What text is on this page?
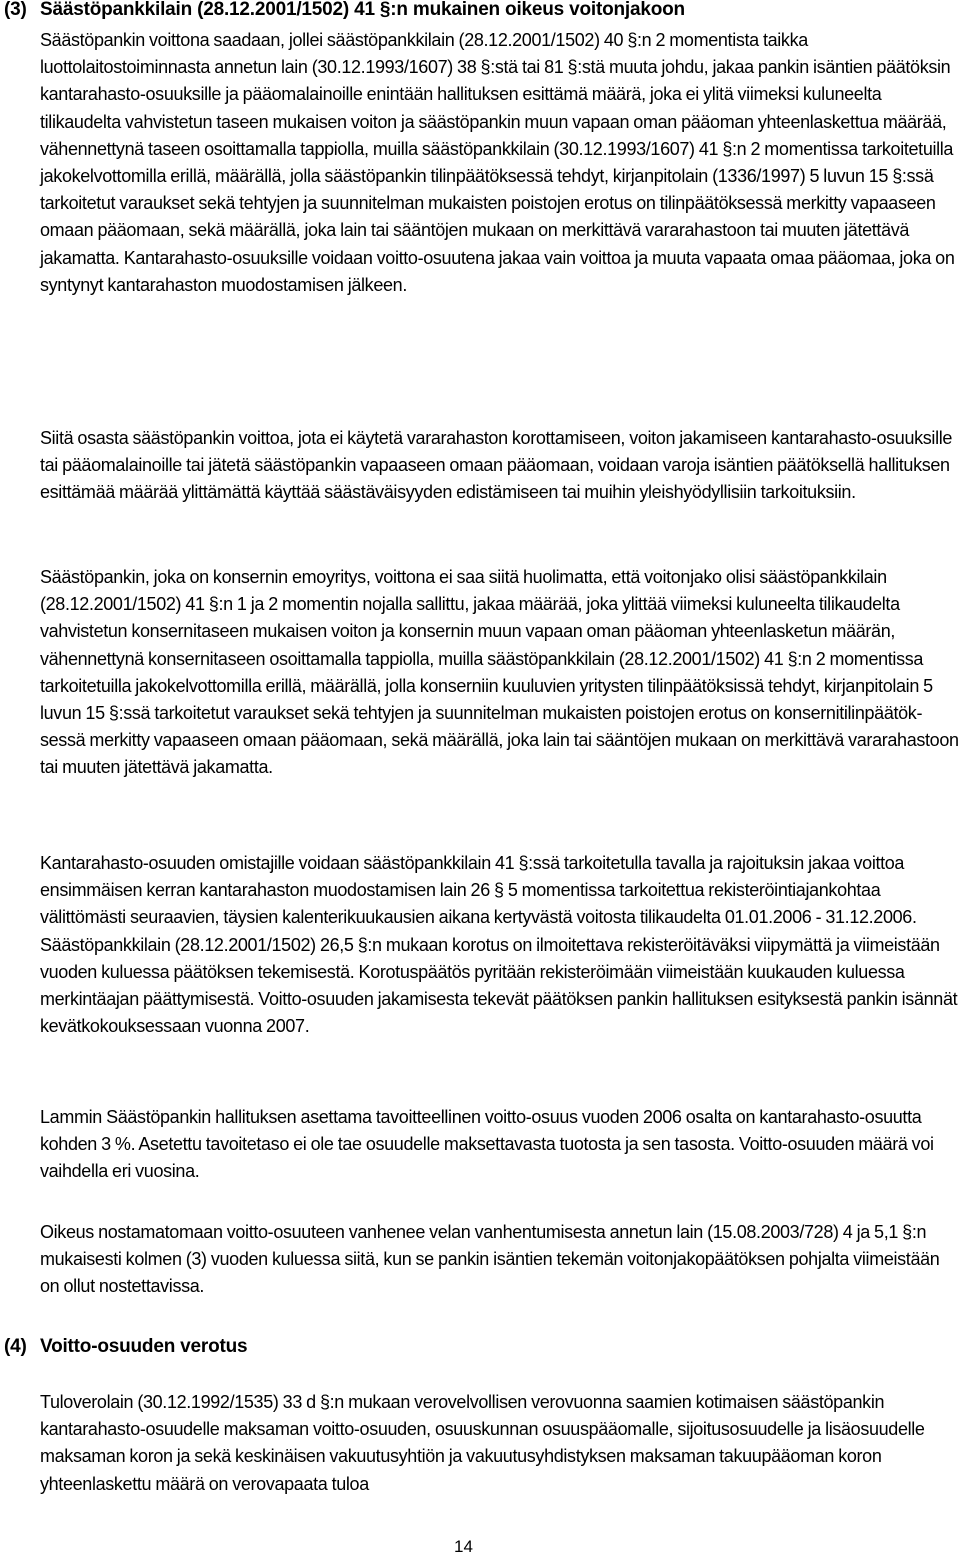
(3) Säästöpankkilain (28.12.2001/1502) 41 §:n mukainen oikeus voitonjakoon

Säästöpankin voittona saadaan, jollei säästöpankkilain (28.12.2001/1502) 40 §:n 2 momentista taikka luottolaitostoiminnasta annetun lain (30.12.1993/1607) 38 §:stä tai 81 §:stä muuta johdu, jakaa pankin isäntien päätöksin kantarahasto-osuuksille ja pääomalainoille enintään hallituksen esittämä määrä, joka ei ylitä viimeksi kuluneelta tilikaudelta vahvistetun taseen mukaisen voiton ja säästöpankin muun vapaan oman pääoman yhteenlaskettua määrää, vähennettynä taseen osoittamalla tappiolla, muilla säästöpankkilain (30.12.1993/1607) 41 §:n 2 momentissa tarkoitetuilla jakokelvottomilla erillä, määrällä, jolla säästöpankin tilinpäätöksessä tehdyt, kirjanpitolain (1336/1997) 5 luvun 15 §:ssä tarkoitetut varaukset sekä tehtyjen ja suunnitelman mukaisten poistojen erotus on tilinpäätöksessä merkitty vapaaseen omaan pääomaan, sekä määrällä, joka lain tai sääntöjen mukaan on merkittävä vararahastoon tai muuten jätettävä jakamatta. Kantarahasto-osuuksille voidaan voitto-osuutena jakaa vain voittoa ja muuta vapaata omaa pääomaa, joka on syntynyt kantarahaston muodostamisen jälkeen.

Siitä osasta säästöpankin voittoa, jota ei käytetä vararahaston korottamiseen, voiton jakamiseen kantarahasto-osuuksille tai pääomalainoille tai jätetä säästöpankin vapaaseen omaan pääomaan, voidaan varoja isäntien päätöksellä hallituksen esittämää määrää ylittämättä käyttää säästäväisyyden edistämiseen tai muihin yleishyödyllisiin tarkoituksiin.

Säästöpankin, joka on konsernin emoyritys, voittona ei saa siitä huolimatta, että voitonjako olisi säästöpankkilain (28.12.2001/1502) 41 §:n 1 ja 2 momentin nojalla sallittu, jakaa määrää, joka ylittää viimeksi kuluneelta tilikaudelta vahvistetun konsernitaseen mukaisen voiton ja konsernin muun vapaan oman pääoman yhteenlasketun määrän, vähennettynä konsernitaseen osoittamalla tappiolla, muilla säästöpankkilain (28.12.2001/1502) 41 §:n 2 momentissa tarkoitetuilla jakokelvottomilla erillä, määrällä, jolla konserniin kuuluvien yritysten tilinpäätöksissä tehdyt, kirjanpitolain 5 luvun 15 §:ssä tarkoitetut varaukset sekä tehtyjen ja suunnitelman mukaisten poistojen erotus on konsernitilinpäätök-sessä merkitty vapaaseen omaan pääomaan, sekä määrällä, joka lain tai sääntöjen mukaan on merkittävä vararahastoon tai muuten jätettävä jakamatta.

Kantarahasto-osuuden omistajille voidaan säästöpankkilain 41 §:ssä tarkoitetulla tavalla ja rajoituksin jakaa voittoa ensimmäisen kerran kantarahaston muodostamisen lain 26 § 5 momentissa tarkoitettua rekisteröintiajankohtaa välittömästi seuraavien, täysien kalenterikuukausien aikana kertyvästä voitosta tilikaudelta 01.01.2006 - 31.12.2006. Säästöpankkilain (28.12.2001/1502) 26,5 §:n mukaan korotus on ilmoitettava rekisteröitäväksi viipymättä ja viimeistään vuoden kuluessa päätöksen tekemisestä. Korotuspäätös pyritään rekisteröimään viimeistään kuukauden kuluessa merkintäajan päättymisestä. Voitto-osuuden jakamisesta tekevät päätöksen pankin hallituksen esityksestä pankin isännät kevätkokouksessaan vuonna 2007.

Lammin Säästöpankin hallituksen asettama tavoitteellinen voitto-osuus vuoden 2006 osalta on kantarahasto-osuutta kohden 3 %. Asetettu tavoitetaso ei ole tae osuudelle maksettavasta tuotosta ja sen tasosta. Voitto-osuuden määrä voi vaihdella eri vuosina.

Oikeus nostamatomaan voitto-osuuteen vanhenee velan vanhentumisesta annetun lain (15.08.2003/728) 4 ja 5,1 §:n mukaisesti kolmen (3) vuoden kuluessa siitä, kun se pankin isäntien tekemän voitonjakopäätöksen pohjalta viimeistään on ollut nostettavissa.

(4) Voitto-osuuden verotus

Tuloverolain (30.12.1992/1535) 33 d §:n mukaan verovelvollisen verovuonna saamien kotimaisen säästöpankin kantarahasto-osuudelle maksaman voitto-osuuden, osuuskunnan osuuspääomalle, sijoitusosuudelle ja lisäosuudelle maksaman koron ja sekä keskinäisen vakuutusyhtiön ja vakuutusyhdistyksen maksaman takuupääoman koron yhteenlaskettu määrä on verovapaata tuloa

14
